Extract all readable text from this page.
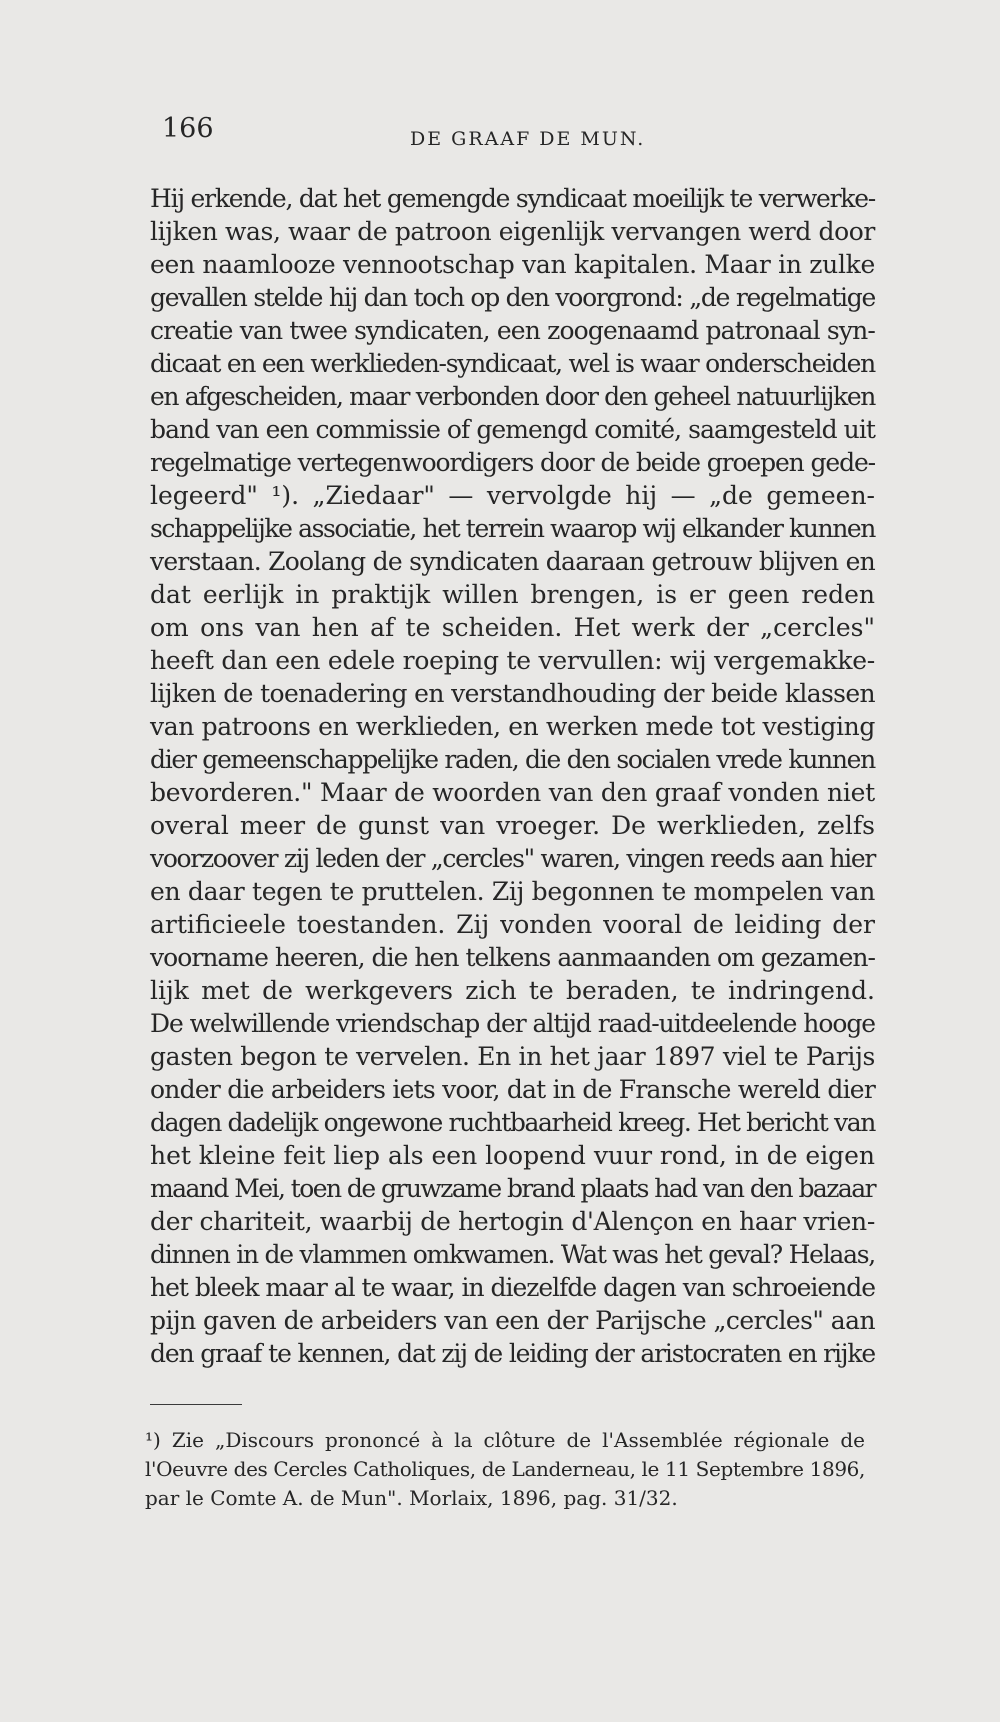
166	DE GRAAF DE MUN.
Hij erkende, dat het gemengde syndicaat moeilijk te verwerke-
lijken was, waar de patroon eigenlijk vervangen werd door
een naamlooze vennootschap van kapitalen. Maar in zulke
gevallen stelde hij dan toch op den voorgrond: „de regelmatige
creatie van twee syndicaten, een zoogenaamd patronaal syn-
dicaat en een werklieden-syndicaat, wel is waar onderscheiden
en afgescheiden, maar verbonden door den geheel natuurlijken
band van een commissie of gemengd comité, saamgesteld uit
regelmatige vertegenwoordigers door de beide groepen gede-
legeerd" ¹). „Ziedaar" — vervolgde hij — „de gemeen-
schappelijke associatie, het terrein waarop wij elkander kunnen
verstaan. Zoolang de syndicaten daaraan getrouw blijven en
dat eerlijk in praktijk willen brengen, is er geen reden
om ons van hen af te scheiden. Het werk der „cercles"
heeft dan een edele roeping te vervullen: wij vergemakke-
lijken de toenadering en verstandhouding der beide klassen
van patroons en werklieden, en werken mede tot vestiging
dier gemeenschappelijke raden, die den socialen vrede kunnen
bevorderen." Maar de woorden van den graaf vonden niet
overal meer de gunst van vroeger. De werklieden, zelfs
voorzoover zij leden der „cercles" waren, vingen reeds aan hier
en daar tegen te pruttelen. Zij begonnen te mompelen van
artificieele toestanden. Zij vonden vooral de leiding der
voorname heeren, die hen telkens aanmaanden om gezamen-
lijk met de werkgevers zich te beraden, te indringend.
De welwillende vriendschap der altijd raad-uitdeelende hooge
gasten begon te vervelen. En in het jaar 1897 viel te Parijs
onder die arbeiders iets voor, dat in de Fransche wereld dier
dagen dadelijk ongewone ruchtbaarheid kreeg. Het bericht van
het kleine feit liep als een loopend vuur rond, in de eigen
maand Mei, toen de gruwzame brand plaats had van den bazaar
der chariteit, waarbij de hertogin d'Alençon en haar vrien-
dinnen in de vlammen omkwamen. Wat was het geval? Helaas,
het bleek maar al te waar, in diezelfde dagen van schroeiende
pijn gaven de arbeiders van een der Parijsche „cercles" aan
den graaf te kennen, dat zij de leiding der aristocraten en rijke
¹) Zie „Discours prononcé à la clôture de l'Assemblée régionale de
l'Oeuvre des Cercles Catholiques, de Landerneau, le 11 Septembre 1896,
par le Comte A. de Mun". Morlaix, 1896, pag. 31/32.
